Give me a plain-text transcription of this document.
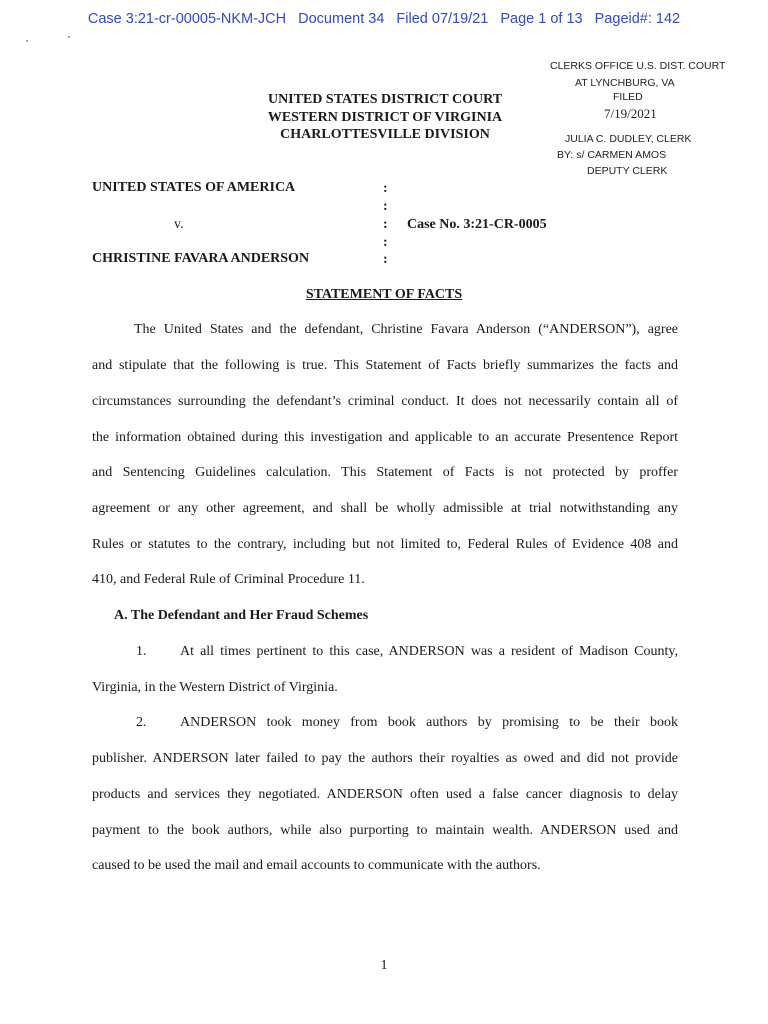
Case 3:21-cr-00005-NKM-JCH Document 34 Filed 07/19/21 Page 1 of 13 Pageid#: 142
CLERKS OFFICE U.S. DIST. COURT
AT LYNCHBURG, VA
FILED
7/19/2021
JULIA C. DUDLEY, CLERK
BY: s/ CARMEN AMOS
DEPUTY CLERK
UNITED STATES DISTRICT COURT
WESTERN DISTRICT OF VIRGINIA
CHARLOTTESVILLE DIVISION
UNITED STATES OF AMERICA
v.
CHRISTINE FAVARA ANDERSON
Case No. 3:21-CR-0005
:
:
:
:
:
STATEMENT OF FACTS
The United States and the defendant, Christine Favara Anderson (“ANDERSON”), agree
and stipulate that the following is true. This Statement of Facts briefly summarizes the facts and
circumstances surrounding the defendant’s criminal conduct. It does not necessarily contain all of
the information obtained during this investigation and applicable to an accurate Presentence Report
and Sentencing Guidelines calculation. This Statement of Facts is not protected by proffer
agreement or any other agreement, and shall be wholly admissible at trial notwithstanding any
Rules or statutes to the contrary, including but not limited to, Federal Rules of Evidence 408 and
410, and Federal Rule of Criminal Procedure 11.
A. The Defendant and Her Fraud Schemes
1.	At all times pertinent to this case, ANDERSON was a resident of Madison County,
Virginia, in the Western District of Virginia.
2.	ANDERSON took money from book authors by promising to be their book
publisher. ANDERSON later failed to pay the authors their royalties as owed and did not provide
products and services they negotiated. ANDERSON often used a false cancer diagnosis to delay
payment to the book authors, while also purporting to maintain wealth. ANDERSON used and
caused to be used the mail and email accounts to communicate with the authors.
1
